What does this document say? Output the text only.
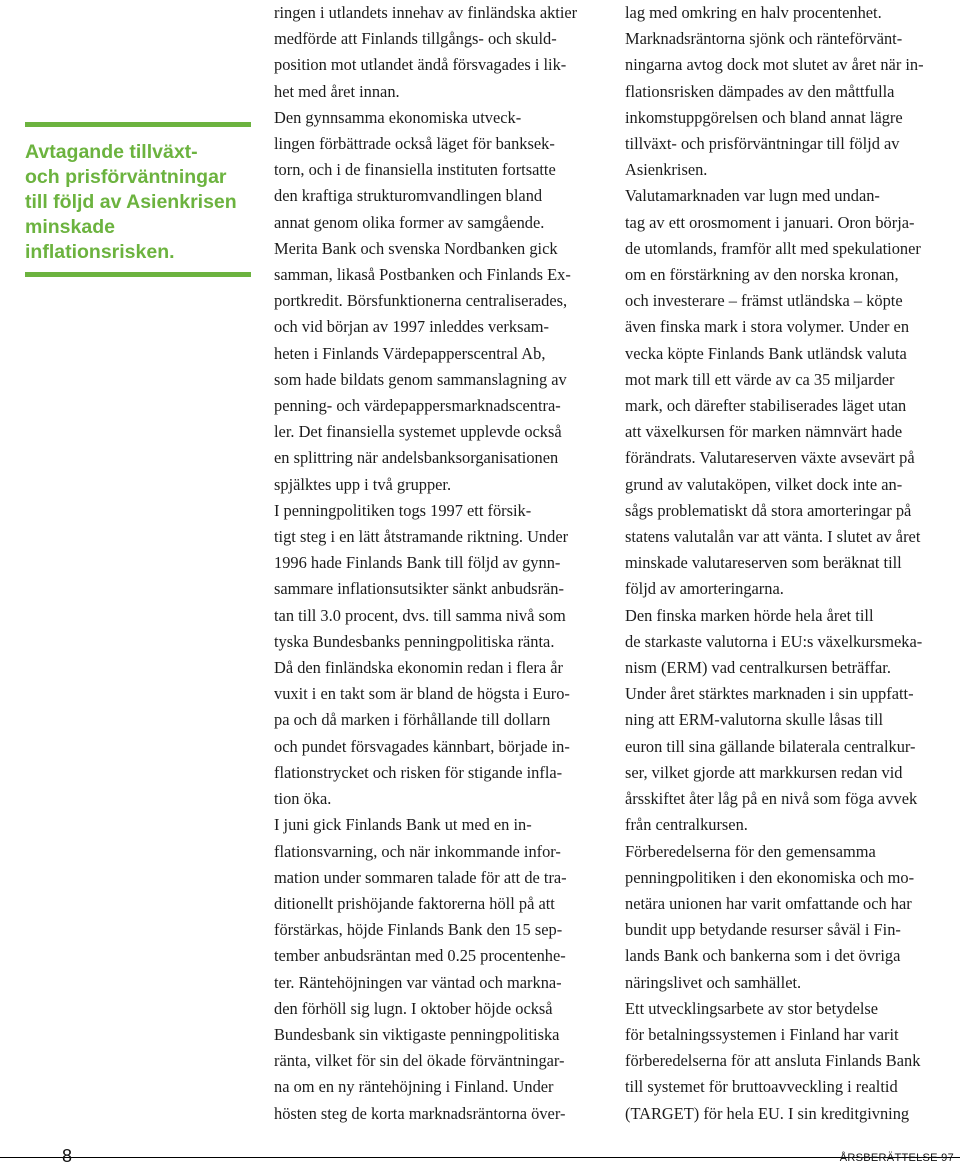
Avtagande tillväxt-
och prisförväntningar
till följd av Asienkrisen
minskade
inflationsrisken.

ringen i utlandets innehav av finländska aktier
medförde att Finlands tillgångs- och skuld-
position mot utlandet ändå försvagades i lik-
het med året innan.

Den gynnsamma ekonomiska utveck-
lingen förbättrade också läget för banksek-
torn, och i de finansiella instituten fortsatte
den kraftiga strukturomvandlingen bland
annat genom olika former av samgående.
Merita Bank och svenska Nordbanken gick
samman, likaså Postbanken och Finlands Ex-
portkredit. Börsfunktionerna centraliserades,
och vid början av 1997 inleddes verksam-
heten i Finlands Värdepapperscentral Ab,
som hade bildats genom sammanslagning av
penning- och värdepappersmarknadscentra-
ler. Det finansiella systemet upplevde också
en splittring när andelsbanksorganisationen
spjälktes upp i två grupper.

I penningpolitiken togs 1997 ett försik-
tigt steg i en lätt åtstramande riktning. Under
1996 hade Finlands Bank till följd av gynn-
sammare inflationsutsikter sänkt anbudsrän-
tan till 3.0 procent, dvs. till samma nivå som
tyska Bundesbanks penningpolitiska ränta.
Då den finländska ekonomin redan i flera år
vuxit i en takt som är bland de högsta i Euro-
pa och då marken i förhållande till dollarn
och pundet försvagades kännbart, började in-
flationstrycket och risken för stigande infla-
tion öka.

I juni gick Finlands Bank ut med en in-
flationsvarning, och när inkommande infor-
mation under sommaren talade för att de tra-
ditionellt prishöjande faktorerna höll på att
förstärkas, höjde Finlands Bank den 15 sep-
tember anbudsräntan med 0.25 procentenhe-
ter. Räntehöjningen var väntad och markna-
den förhöll sig lugn. I oktober höjde också
Bundesbank sin viktigaste penningpolitiska
ränta, vilket för sin del ökade förväntningar-
na om en ny räntehöjning i Finland. Under
hösten steg de korta marknadsräntorna över-

lag med omkring en halv procentenhet.
Marknadsräntorna sjönk och ränteförvänt-
ningarna avtog dock mot slutet av året när in-
flationsrisken dämpades av den måttfulla
inkomstuppgörelsen och bland annat lägre
tillväxt- och prisförväntningar till följd av
Asienkrisen.

Valutamarknaden var lugn med undan-
tag av ett orosmoment i januari. Oron börja-
de utomlands, framför allt med spekulationer
om en förstärkning av den norska kronan,
och investerare – främst utländska – köpte
även finska mark i stora volymer. Under en
vecka köpte Finlands Bank utländsk valuta
mot mark till ett värde av ca 35 miljarder
mark, och därefter stabiliserades läget utan
att växelkursen för marken nämnvärt hade
förändrats. Valutareserven växte avsevärt på
grund av valutaköpen, vilket dock inte an-
sågs problematiskt då stora amorteringar på
statens valutalån var att vänta. I slutet av året
minskade valutareserven som beräknat till
följd av amorteringarna.

Den finska marken hörde hela året till
de starkaste valutorna i EU:s växelkursmeka-
nism (ERM) vad centralkursen beträffar.
Under året stärktes marknaden i sin uppfatt-
ning att ERM-valutorna skulle låsas till
euron till sina gällande bilaterala centralkur-
ser, vilket gjorde att markkursen redan vid
årsskiftet åter låg på en nivå som föga avvek
från centralkursen.

Förberedelserna för den gemensamma
penningpolitiken i den ekonomiska och mo-
netära unionen har varit omfattande och har
bundit upp betydande resurser såväl i Fin-
lands Bank och bankerna som i det övriga
näringslivet och samhället.

Ett utvecklingsarbete av stor betydelse
för betalningssystemen i Finland har varit
förberedelserna för att ansluta Finlands Bank
till systemet för bruttoavveckling i realtid
(TARGET) för hela EU. I sin kreditgivning

8	ÅRSBERÄTTELSE 97
